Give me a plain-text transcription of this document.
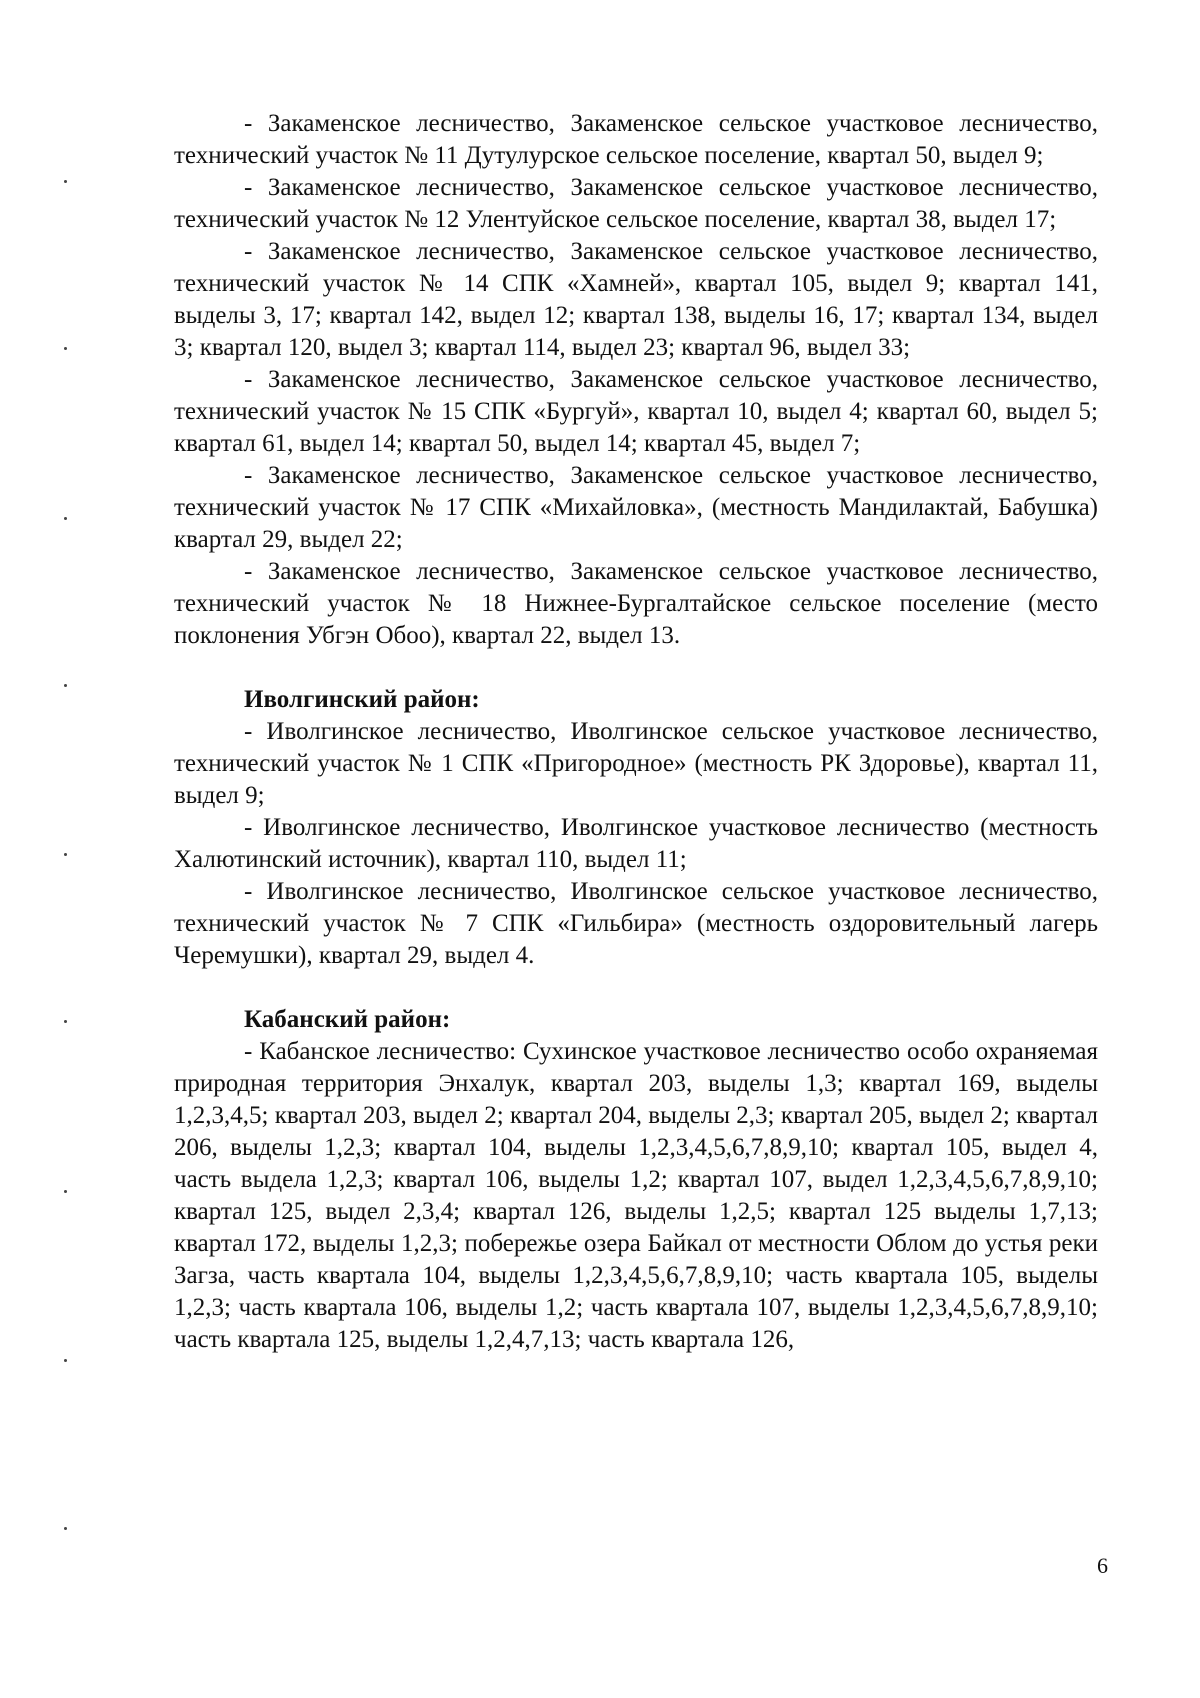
- Закаменское лесничество, Закаменское сельское участковое лесничество, технический участок № 11 Дутулурское сельское поселение, квартал 50, выдел 9;

- Закаменское лесничество, Закаменское сельское участковое лесничество, технический участок № 12 Улентуйское сельское поселение, квартал 38, выдел 17;

- Закаменское лесничество, Закаменское сельское участковое лесничество, технический участок № 14 СПК «Хамней», квартал 105, выдел 9; квартал 141, выделы 3, 17; квартал 142, выдел 12; квартал 138, выделы 16, 17; квартал 134, выдел 3; квартал 120, выдел 3; квартал 114, выдел 23; квартал 96, выдел 33;

- Закаменское лесничество, Закаменское сельское участковое лесничество, технический участок № 15 СПК «Бургуй», квартал 10, выдел 4; квартал 60, выдел 5; квартал 61, выдел 14; квартал 50, выдел 14; квартал 45, выдел 7;

- Закаменское лесничество, Закаменское сельское участковое лесничество, технический участок № 17 СПК «Михайловка», (местность Мандилактай, Бабушка) квартал 29, выдел 22;

- Закаменское лесничество, Закаменское сельское участковое лесничество, технический участок № 18 Нижнее-Бургалтайское сельское поселение (место поклонения Убгэн Обоо), квартал 22, выдел 13.

Иволгинский район:

- Иволгинское лесничество, Иволгинское сельское участковое лесничество, технический участок № 1 СПК «Пригородное» (местность РК Здоровье), квартал 11, выдел 9;

- Иволгинское лесничество, Иволгинское участковое лесничество (местность Халютинский источник), квартал 110, выдел 11;

- Иволгинское лесничество, Иволгинское сельское участковое лесничество, технический участок № 7 СПК «Гильбира» (местность оздоровительный лагерь Черемушки), квартал 29, выдел 4.

Кабанский район:

- Кабанское лесничество: Сухинское участковое лесничество особо охраняемая природная территория Энхалук, квартал 203, выделы 1,3; квартал 169, выделы 1,2,3,4,5; квартал 203, выдел 2; квартал 204, выделы 2,3; квартал 205, выдел 2; квартал 206, выделы 1,2,3; квартал 104, выделы 1,2,3,4,5,6,7,8,9,10; квартал 105, выдел 4, часть выдела 1,2,3; квартал 106, выделы 1,2; квартал 107, выдел 1,2,3,4,5,6,7,8,9,10; квартал 125, выдел 2,3,4; квартал 126, выделы 1,2,5; квартал 125 выделы 1,7,13; квартал 172, выделы 1,2,3; побережье озера Байкал от местности Облом до устья реки Загза, часть квартала 104, выделы 1,2,3,4,5,6,7,8,9,10; часть квартала 105, выделы 1,2,3; часть квартала 106, выделы 1,2; часть квартала 107, выделы 1,2,3,4,5,6,7,8,9,10; часть квартала 125, выделы 1,2,4,7,13; часть квартала 126,

6
